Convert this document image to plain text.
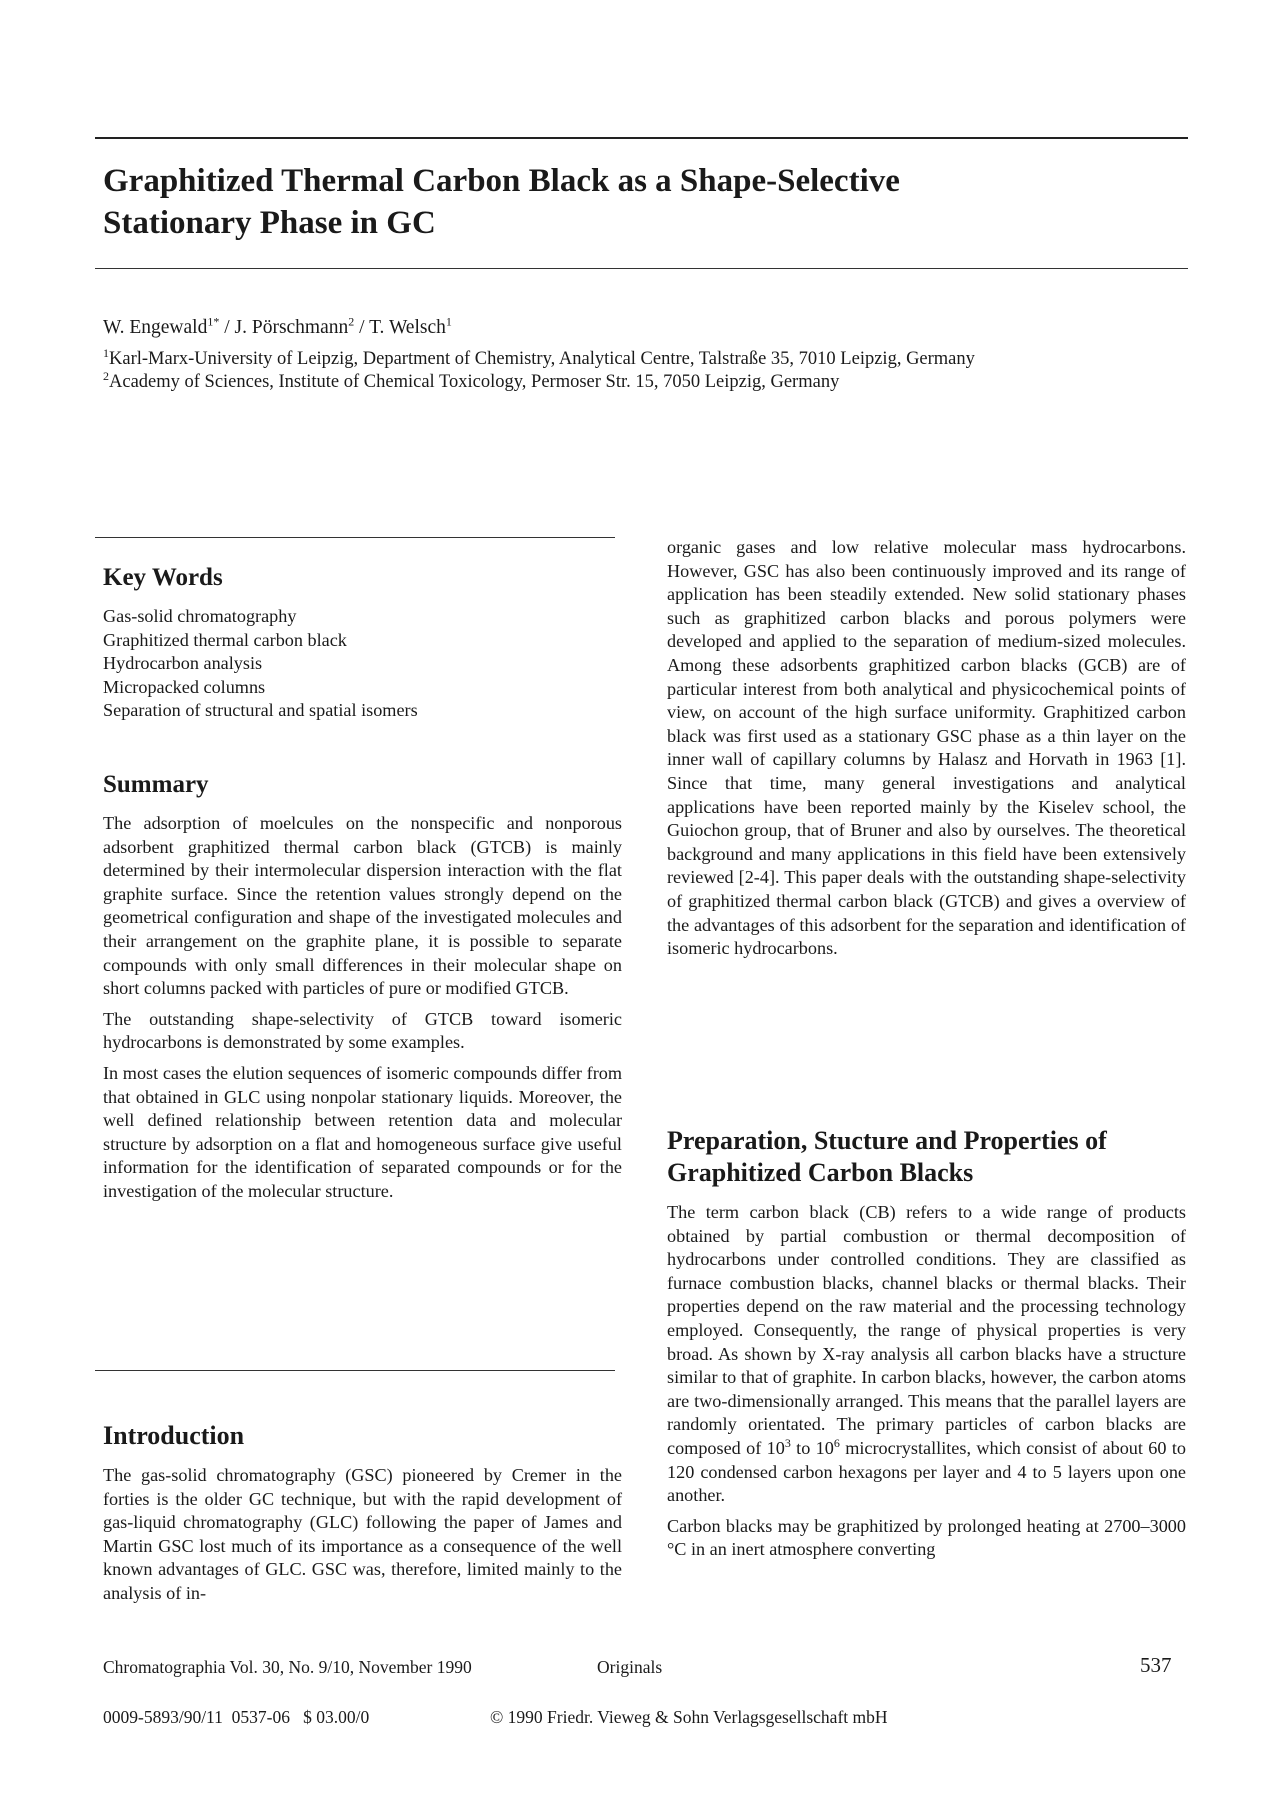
Graphitized Thermal Carbon Black as a Shape-Selective
Stationary Phase in GC
W. Engewald$^{1*}$ / J. Pörschmann$^2$ / T. Welsch$^1$
$^1$Karl-Marx-University of Leipzig, Department of Chemistry, Analytical Centre, Talstraße 35, 7010 Leipzig, Germany
$^2$Academy of Sciences, Institute of Chemical Toxicology, Permoser Str. 15, 7050 Leipzig, Germany
Key Words
Gas-solid chromatography
Graphitized thermal carbon black
Hydrocarbon analysis
Micropacked columns
Separation of structural and spatial isomers
Summary

The adsorption of moelcules on the nonspecific and nonporous adsorbent graphitized thermal carbon black (GTCB) is mainly determined by their intermolecular dispersion interaction with the flat graphite surface. Since the retention values strongly depend on the geometrical configuration and shape of the investigated molecules and their arrangement on the graphite plane, it is possible to separate compounds with only small differences in their molecular shape on short columns packed with particles of pure or modified GTCB.

The outstanding shape-selectivity of GTCB toward isomeric hydrocarbons is demonstrated by some examples.

In most cases the elution sequences of isomeric compounds differ from that obtained in GLC using nonpolar stationary liquids. Moreover, the well defined relationship between retention data and molecular structure by adsorption on a flat and homogeneous surface give useful information for the identification of separated compounds or for the investigation of the molecular structure.

Introduction

The gas-solid chromatography (GSC) pioneered by Cremer in the forties is the older GC technique, but with the rapid development of gas-liquid chromatography (GLC) following the paper of James and Martin GSC lost much of its importance as a consequence of the well known advantages of GLC. GSC was, therefore, limited mainly to the analysis of in-

organic gases and low relative molecular mass hydrocarbons. However, GSC has also been continuously improved and its range of application has been steadily extended. New solid stationary phases such as graphitized carbon blacks and porous polymers were developed and applied to the separation of medium-sized molecules. Among these adsorbents graphitized carbon blacks (GCB) are of particular interest from both analytical and physicochemical points of view, on account of the high surface uniformity. Graphitized carbon black was first used as a stationary GSC phase as a thin layer on the inner wall of capillary columns by Halasz and Horvath in 1963 [1]. Since that time, many general investigations and analytical applications have been reported mainly by the Kiselev school, the Guiochon group, that of Bruner and also by ourselves. The theoretical background and many applications in this field have been extensively reviewed [2-4]. This paper deals with the outstanding shape-selectivity of graphitized thermal carbon black (GTCB) and gives a overview of the advantages of this adsorbent for the separation and identification of isomeric hydrocarbons.

Preparation, Stucture and Properties of
Graphitized Carbon Blacks

The term carbon black (CB) refers to a wide range of products obtained by partial combustion or thermal decomposition of hydrocarbons under controlled conditions. They are classified as furnace combustion blacks, channel blacks or thermal blacks. Their properties depend on the raw material and the processing technology employed. Consequently, the range of physical properties is very broad. As shown by X-ray analysis all carbon blacks have a structure similar to that of graphite. In carbon blacks, however, the carbon atoms are two-dimensionally arranged. This means that the parallel layers are randomly orientated. The primary particles of carbon blacks are composed of $10^3$ to $10^6$ microcrystallites, which consist of about 60 to 120 condensed carbon hexagons per layer and 4 to 5 layers upon one another.

Carbon blacks may be graphitized by prolonged heating at 2700–3000 °C in an inert atmosphere converting

Chromatographia Vol. 30, No. 9/10, November 1990	Originals	537
0009-5893/90/11  0537-06   $ 03.00/0	© 1990 Friedr. Vieweg & Sohn Verlagsgesellschaft mbH
